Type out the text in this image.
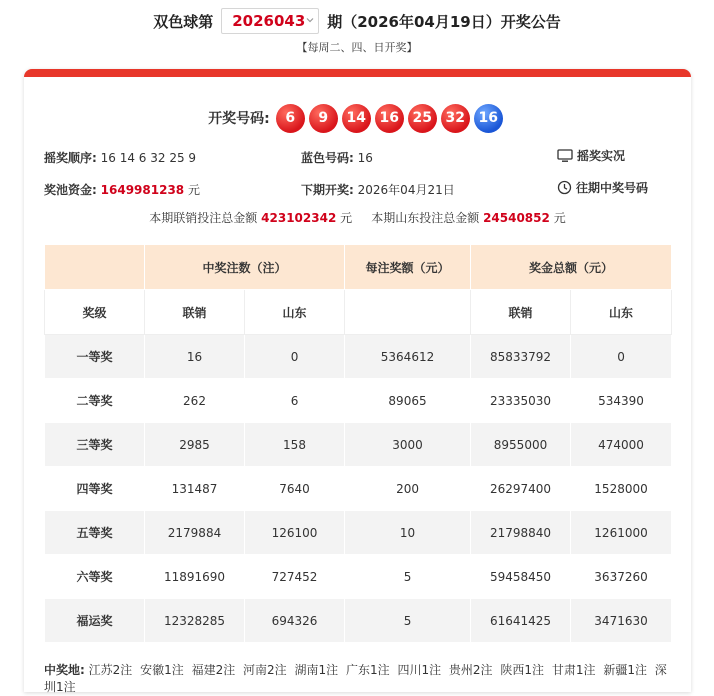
双色球第 2026043 期（2026年04月19日）开奖公告
【每周二、四、日开奖】
开奖号码:	6	9	14 16 25 32 16
摇奖顺序: 16 14 6 32 25 9	蓝色号码: 16	摇奖实况
奖池资金: 1649981238 元	下期开奖: 2026年04月21日	往期中奖号码
本期联销投注总金额 423102342 元 本期山东投注总金额 24540852 元
	中奖注数（注）		每注奖额（元）	奖金总额（元）	
奖级	联销	山东		联销	山东
一等奖	16	0	5364612	85833792	0
二等奖	262	6	89065	23335030	534390
三等奖	2985	158	3000	8955000	474000
四等奖	131487	7640	200	26297400	1528000
五等奖	2179884	126100	10	21798840	1261000
六等奖	11891690	727452	5	59458450	3637260
福运奖	12328285	694326	5	61641425	3471630
中奖地: 江苏2注 安徽1注 福建2注 河南2注 湖南1注 广东1注 四川1注 贵州2注 陕西1注 甘肃1注 新疆1注 深圳1注
